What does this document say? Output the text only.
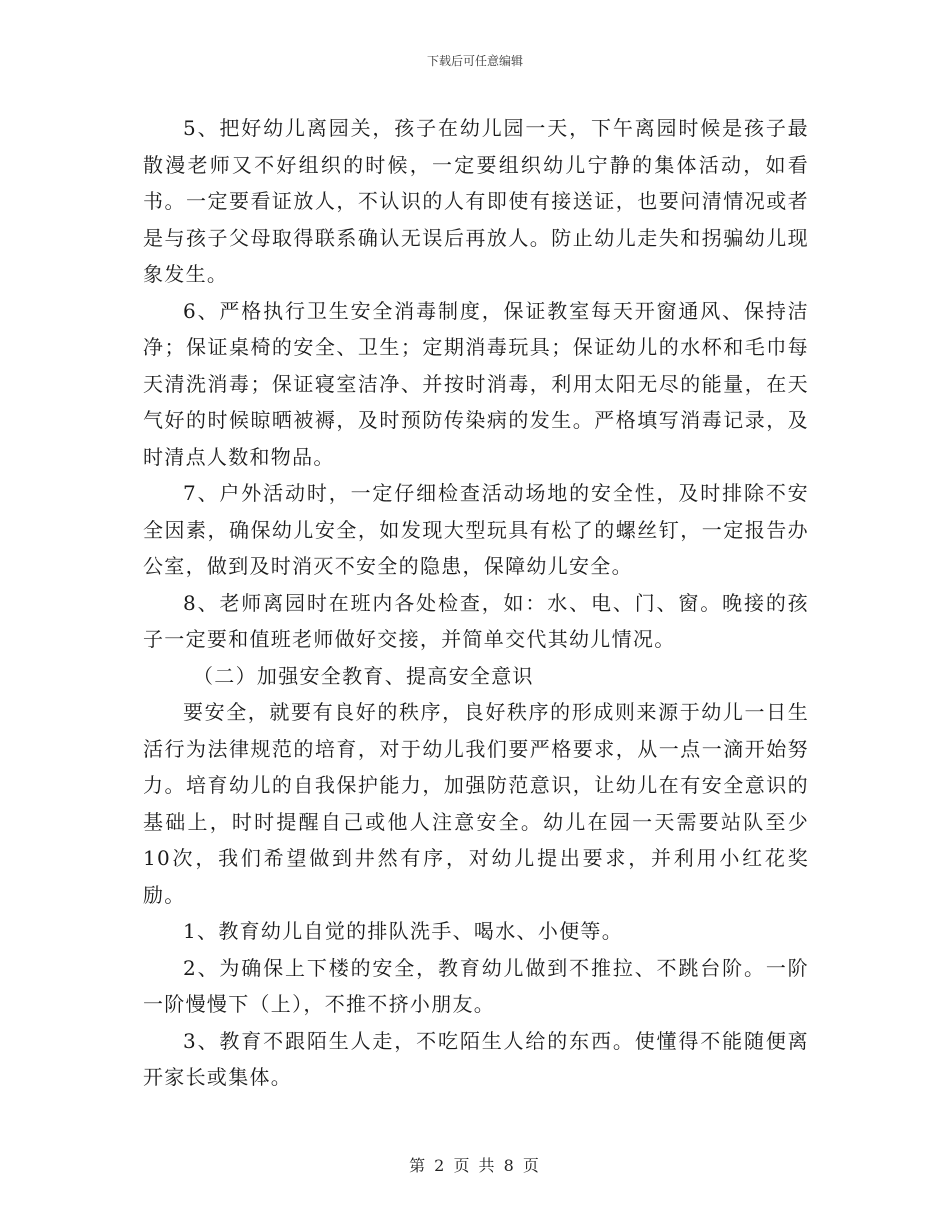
下载后可任意编辑

5、把好幼儿离园关，孩子在幼儿园一天，下午离园时候是孩子最散漫老师又不好组织的时候，一定要组织幼儿宁静的集体活动，如看书。一定要看证放人，不认识的人有即使有接送证，也要问清情况或者是与孩子父母取得联系确认无误后再放人。防止幼儿走失和拐骗幼儿现象发生。

6、严格执行卫生安全消毒制度，保证教室每天开窗通风、保持洁净；保证桌椅的安全、卫生；定期消毒玩具；保证幼儿的水杯和毛巾每天清洗消毒；保证寝室洁净、并按时消毒，利用太阳无尽的能量，在天气好的时候晾晒被褥，及时预防传染病的发生。严格填写消毒记录，及时清点人数和物品。

7、户外活动时，一定仔细检查活动场地的安全性，及时排除不安全因素，确保幼儿安全，如发现大型玩具有松了的螺丝钉，一定报告办公室，做到及时消灭不安全的隐患，保障幼儿安全。

8、老师离园时在班内各处检查，如：水、电、门、窗。晚接的孩子一定要和值班老师做好交接，并简单交代其幼儿情况。

（二）加强安全教育、提高安全意识

要安全，就要有良好的秩序，良好秩序的形成则来源于幼儿一日生活行为法律规范的培育，对于幼儿我们要严格要求，从一点一滴开始努力。培育幼儿的自我保护能力，加强防范意识，让幼儿在有安全意识的基础上，时时提醒自己或他人注意安全。幼儿在园一天需要站队至少10次，我们希望做到井然有序，对幼儿提出要求，并利用小红花奖励。

1、教育幼儿自觉的排队洗手、喝水、小便等。

2、为确保上下楼的安全，教育幼儿做到不推拉、不跳台阶。一阶一阶慢慢下（上），不推不挤小朋友。

3、教育不跟陌生人走，不吃陌生人给的东西。使懂得不能随便离开家长或集体。

第 2 页 共 8 页
